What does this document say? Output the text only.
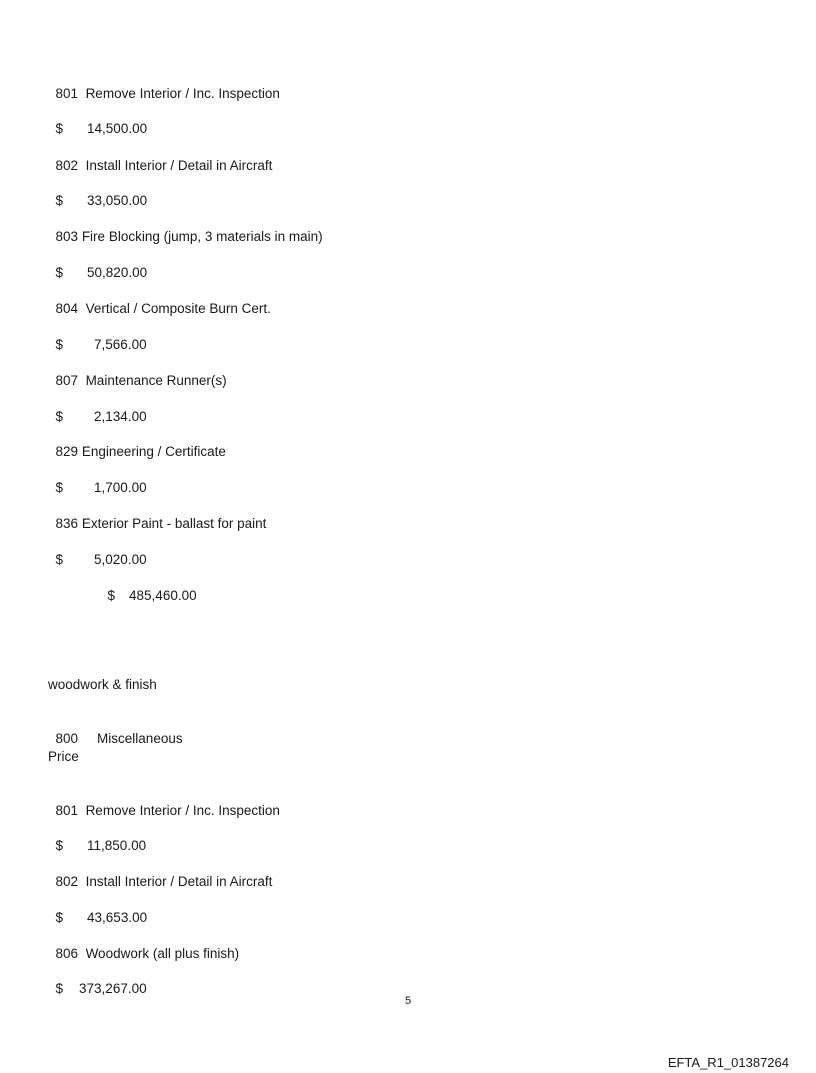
801 Remove Interior / Inc. Inspection

$ 14,500.00

802 Install Interior / Detail in Aircraft

$ 33,050.00

803 Fire Blocking (jump, 3 materials in main)

$ 50,820.00

804 Vertical / Composite Burn Cert.

$ 7,566.00

807 Maintenance Runner(s)

$ 2,134.00

829 Engineering / Certificate

$ 1,700.00

836 Exterior Paint - ballast for paint

$ 5,020.00

$ 485,460.00

woodwork & finish

800 Miscellaneous

Price

801 Remove Interior / Inc. Inspection

$ 11,850.00

802 Install Interior / Detail in Aircraft

$ 43,653.00

806 Woodwork (all plus finish)

$ 373,267.00

5
EFTA_R1_01387264
